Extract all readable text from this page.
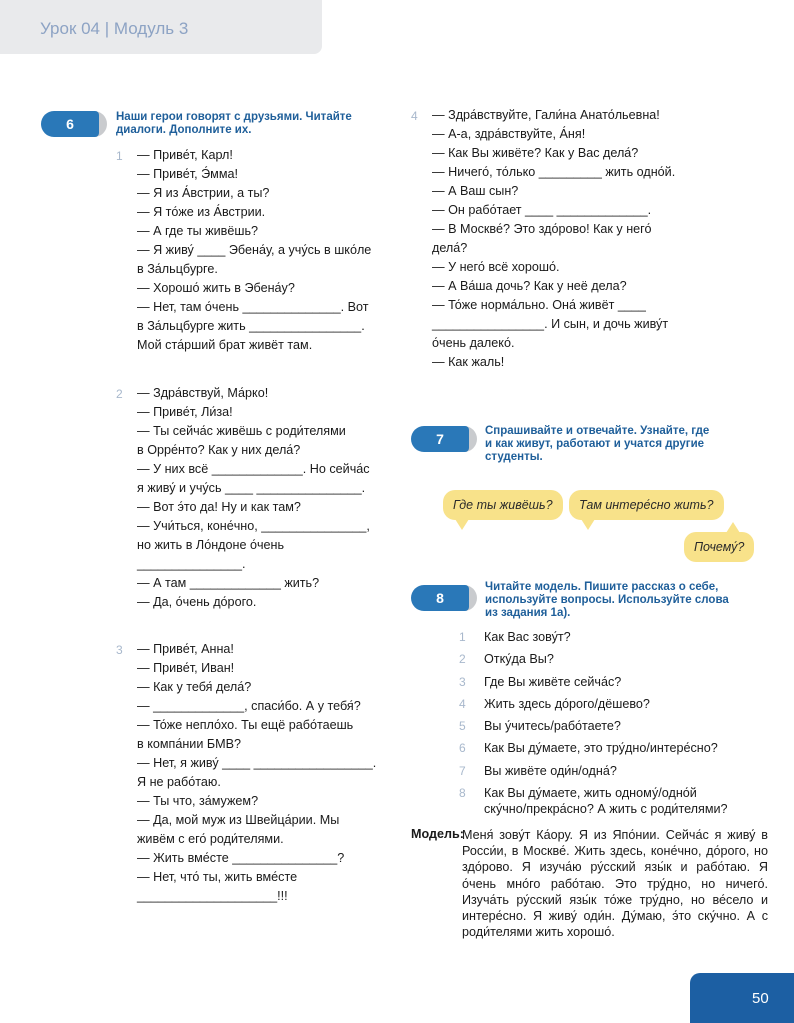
Урок 04 | Модуль 3
6	Наши герои говорят с друзьями. Читайте
диалоги. Дополните их.
1 — Приве́т, Карл!
— Приве́т, Э́мма!
— Я из А́встрии, а ты?
— Я то́же из А́встрии.
— А где ты живёшь?
— Я живу́ ____ Эбена́у, а учу́сь в шко́ле
в За́льцбурге.
— Хорошо́ жить в Эбена́у?
— Нет, там о́чень ______________. Вот
в За́льцбурге жить ________________.
Мой ста́рший брат живёт там.
2 — Здра́вствуй, Ма́рко!
— Приве́т, Ли́за!
— Ты сейча́с живёшь с роди́телями
в Орре́нто? Как у них дела́?
— У них всё _____________. Но сейча́с
я живу́ и учу́сь ____ _______________.
— Вот э́то да! Ну и как там?
— Учи́ться, коне́чно, _______________,
но жить в Ло́ндоне о́чень
_______________.
— А там _____________ жить?
— Да, о́чень до́рого.
3 — Приве́т, Анна!
— Приве́т, Иван!
— Как у тебя́ дела́?
— _____________, спаси́бо. А у тебя́?
— То́же непло́хо. Ты ещё рабо́таешь
в компа́нии БМВ?
— Нет, я живу́ ____ _________________.
Я не рабо́таю.
— Ты что, за́мужем?
— Да, мой муж из Швейца́рии. Мы
живём с его́ роди́телями.
— Жить вме́сте _______________?
— Нет, что́ ты, жить вме́сте
____________________!!!
4 — Здра́вствуйте, Гали́на Анато́льевна!
— А-а, здра́вствуйте, А́ня!
— Как Вы живёте? Как у Вас дела́?
— Ничего́, то́лько _________ жить одно́й.
— А Ваш сын?
— Он рабо́тает ____ _____________.
— В Москве́? Это здо́рово! Как у него́
дела́?
— У него́ всё хорошо́.
— А Ва́ша дочь? Как у неё дела?
— То́же норма́льно. Она́ живёт ____
________________. И сын, и дочь живу́т
о́чень далеко́.
— Как жаль!
7	Спрашивайте и отвечайте. Узнайте, где
и как живут, работают и учатся другие
студенты.
Где ты живёшь?	Там интере́сно жить?
Почему́?
8
Читайте модель. Пишите рассказ о себе,
используйте вопросы. Используйте слова
из задания 1а).
1 Как Вас зову́т?
2 Отку́да Вы?
3 Где Вы живёте сейча́с?
4 Жить здесь до́рого/дёшево?
5 Вы у́читесь/рабо́таете?
6 Как Вы ду́маете, это тру́дно/интере́сно?
7 Вы живёте оди́н/одна́?
8 Как Вы ду́маете, жить одному́/одно́й
ску́чно/прекра́сно? А жить с роди́телями?
Модель:
Меня́ зову́т Ка́ору. Я из Япо́нии. Сейча́с я живу́ в Росси́и, в Москве́. Жить здесь, коне́чно, до́рого, но здо́рово. Я изуча́ю ру́сский язы́к и рабо́таю. Я о́чень мно́го рабо́таю. Это тру́дно, но ничего́. Изуча́ть ру́сский язы́к то́же тру́дно, но ве́село и интере́сно. Я живу́ оди́н. Ду́маю, э́то ску́чно. А с роди́телями жить хорошо́.
50
